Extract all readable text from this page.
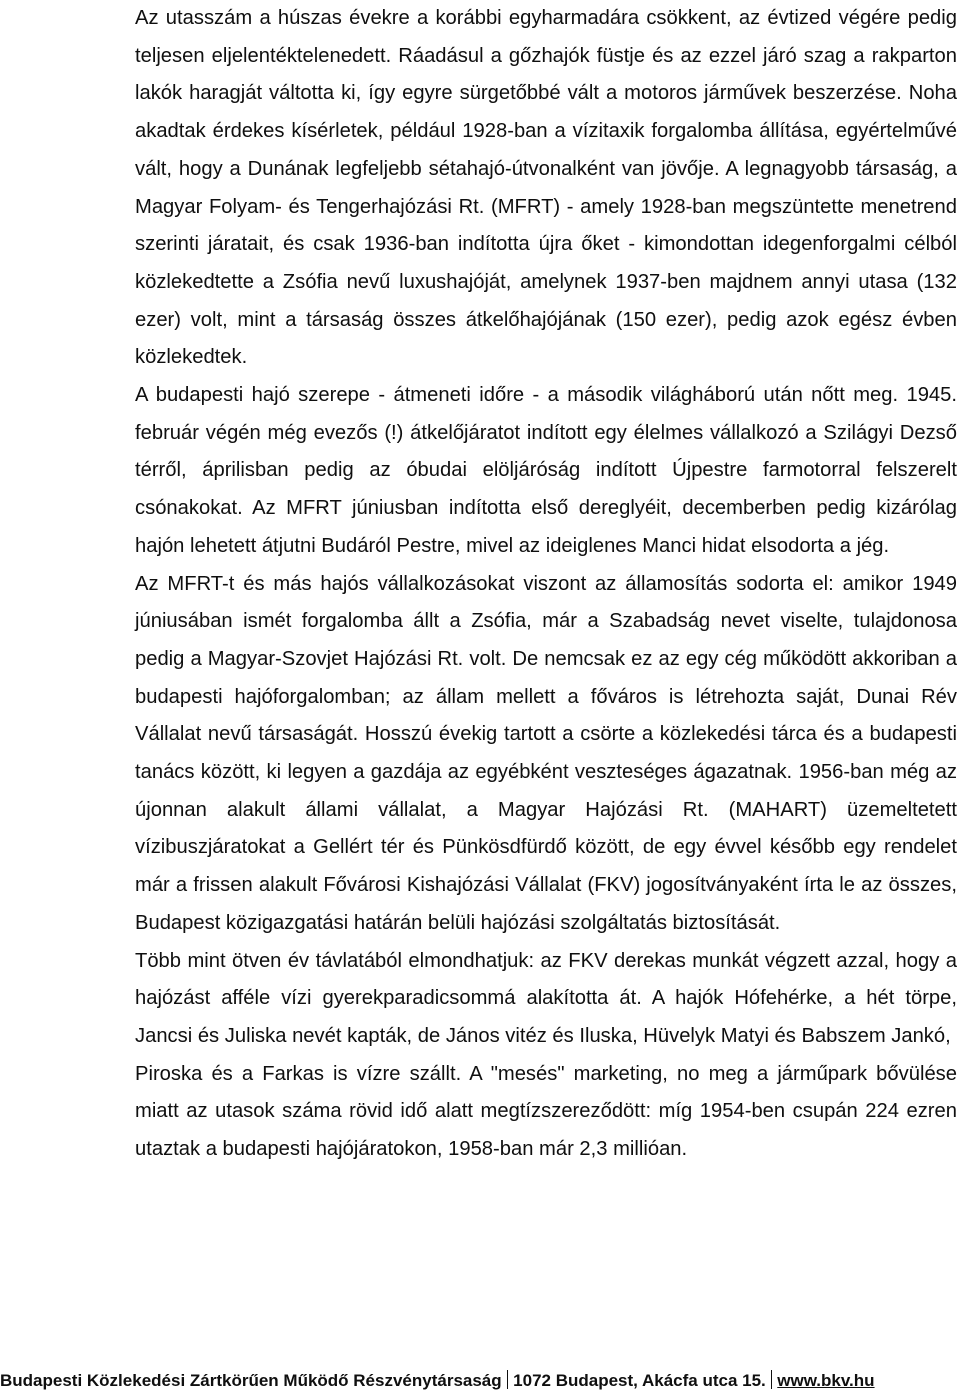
Az utasszám a húszas évekre a korábbi egyharmadára csökkent, az évtized végére pedig teljesen eljelentéktelenedett. Ráadásul a gőzhajók füstje és az ezzel járó szag a rakparton lakók haragját váltotta ki, így egyre sürgetőbbé vált a motoros járművek beszerzése. Noha akadtak érdekes kísérletek, például 1928-ban a vízitaxik forgalomba állítása, egyértelművé vált, hogy a Dunának legfeljebb sétahajó-útvonalként van jövője. A legnagyobb társaság, a Magyar Folyam- és Tengerhajózási Rt. (MFRT) - amely 1928-ban megszüntette menetrend szerinti járatait, és csak 1936-ban indította újra őket - kimondottan idegenforgalmi célból közlekedtette a Zsófia nevű luxushajóját, amelynek 1937-ben majdnem annyi utasa (132 ezer) volt, mint a társaság összes átkelőhajójának (150 ezer), pedig azok egész évben közlekedtek.

A budapesti hajó szerepe - átmeneti időre - a második világháború után nőtt meg. 1945. február végén még evezős (!) átkelőjáratot indított egy élelmes vállalkozó a Szilágyi Dezső térről, áprilisban pedig az óbudai elöljáróság indított Újpestre farmotorral felszerelt csónakokat. Az MFRT júniusban indította első dereglyéit, decemberben pedig kizárólag hajón lehetett átjutni Budáról Pestre, mivel az ideiglenes Manci hidat elsodorta a jég.

Az MFRT-t és más hajós vállalkozásokat viszont az államosítás sodorta el: amikor 1949 júniusában ismét forgalomba állt a Zsófia, már a Szabadság nevet viselte, tulajdonosa pedig a Magyar-Szovjet Hajózási Rt. volt. De nemcsak ez az egy cég működött akkoriban a budapesti hajóforgalomban; az állam mellett a főváros is létrehozta saját, Dunai Rév Vállalat nevű társaságát. Hosszú évekig tartott a csörte a közlekedési tárca és a budapesti tanács között, ki legyen a gazdája az egyébként veszteséges ágazatnak. 1956-ban még az újonnan alakult állami vállalat, a Magyar Hajózási Rt. (MAHART) üzemeltetett vízibuszjáratokat a Gellért tér és Pünkösdfürdő között, de egy évvel később egy rendelet már a frissen alakult Fővárosi Kishajózási Vállalat (FKV) jogosítványaként írta le az összes, Budapest közigazgatási határán belüli hajózási szolgáltatás biztosítását.

Több mint ötven év távlatából elmondhatjuk: az FKV derekas munkát végzett azzal, hogy a hajózást afféle vízi gyerekparadicsommá alakította át. A hajók Hófehérke, a hét törpe, Jancsi és Juliska nevét kapták, de János vitéz és Iluska, Hüvelyk Matyi és Babszem Jankó,

Piroska és a Farkas is vízre szállt. A "mesés" marketing, no meg a járműpark bővülése miatt az utasok száma rövid idő alatt megtízszereződött: míg 1954-ben csupán 224 ezren utaztak a budapesti hajójáratokon, 1958-ban már 2,3 millióan.

Budapesti Közlekedési Zártkörűen Működő Részvénytársaság 1072 Budapest, Akácfa utca 15. www.bkv.hu
